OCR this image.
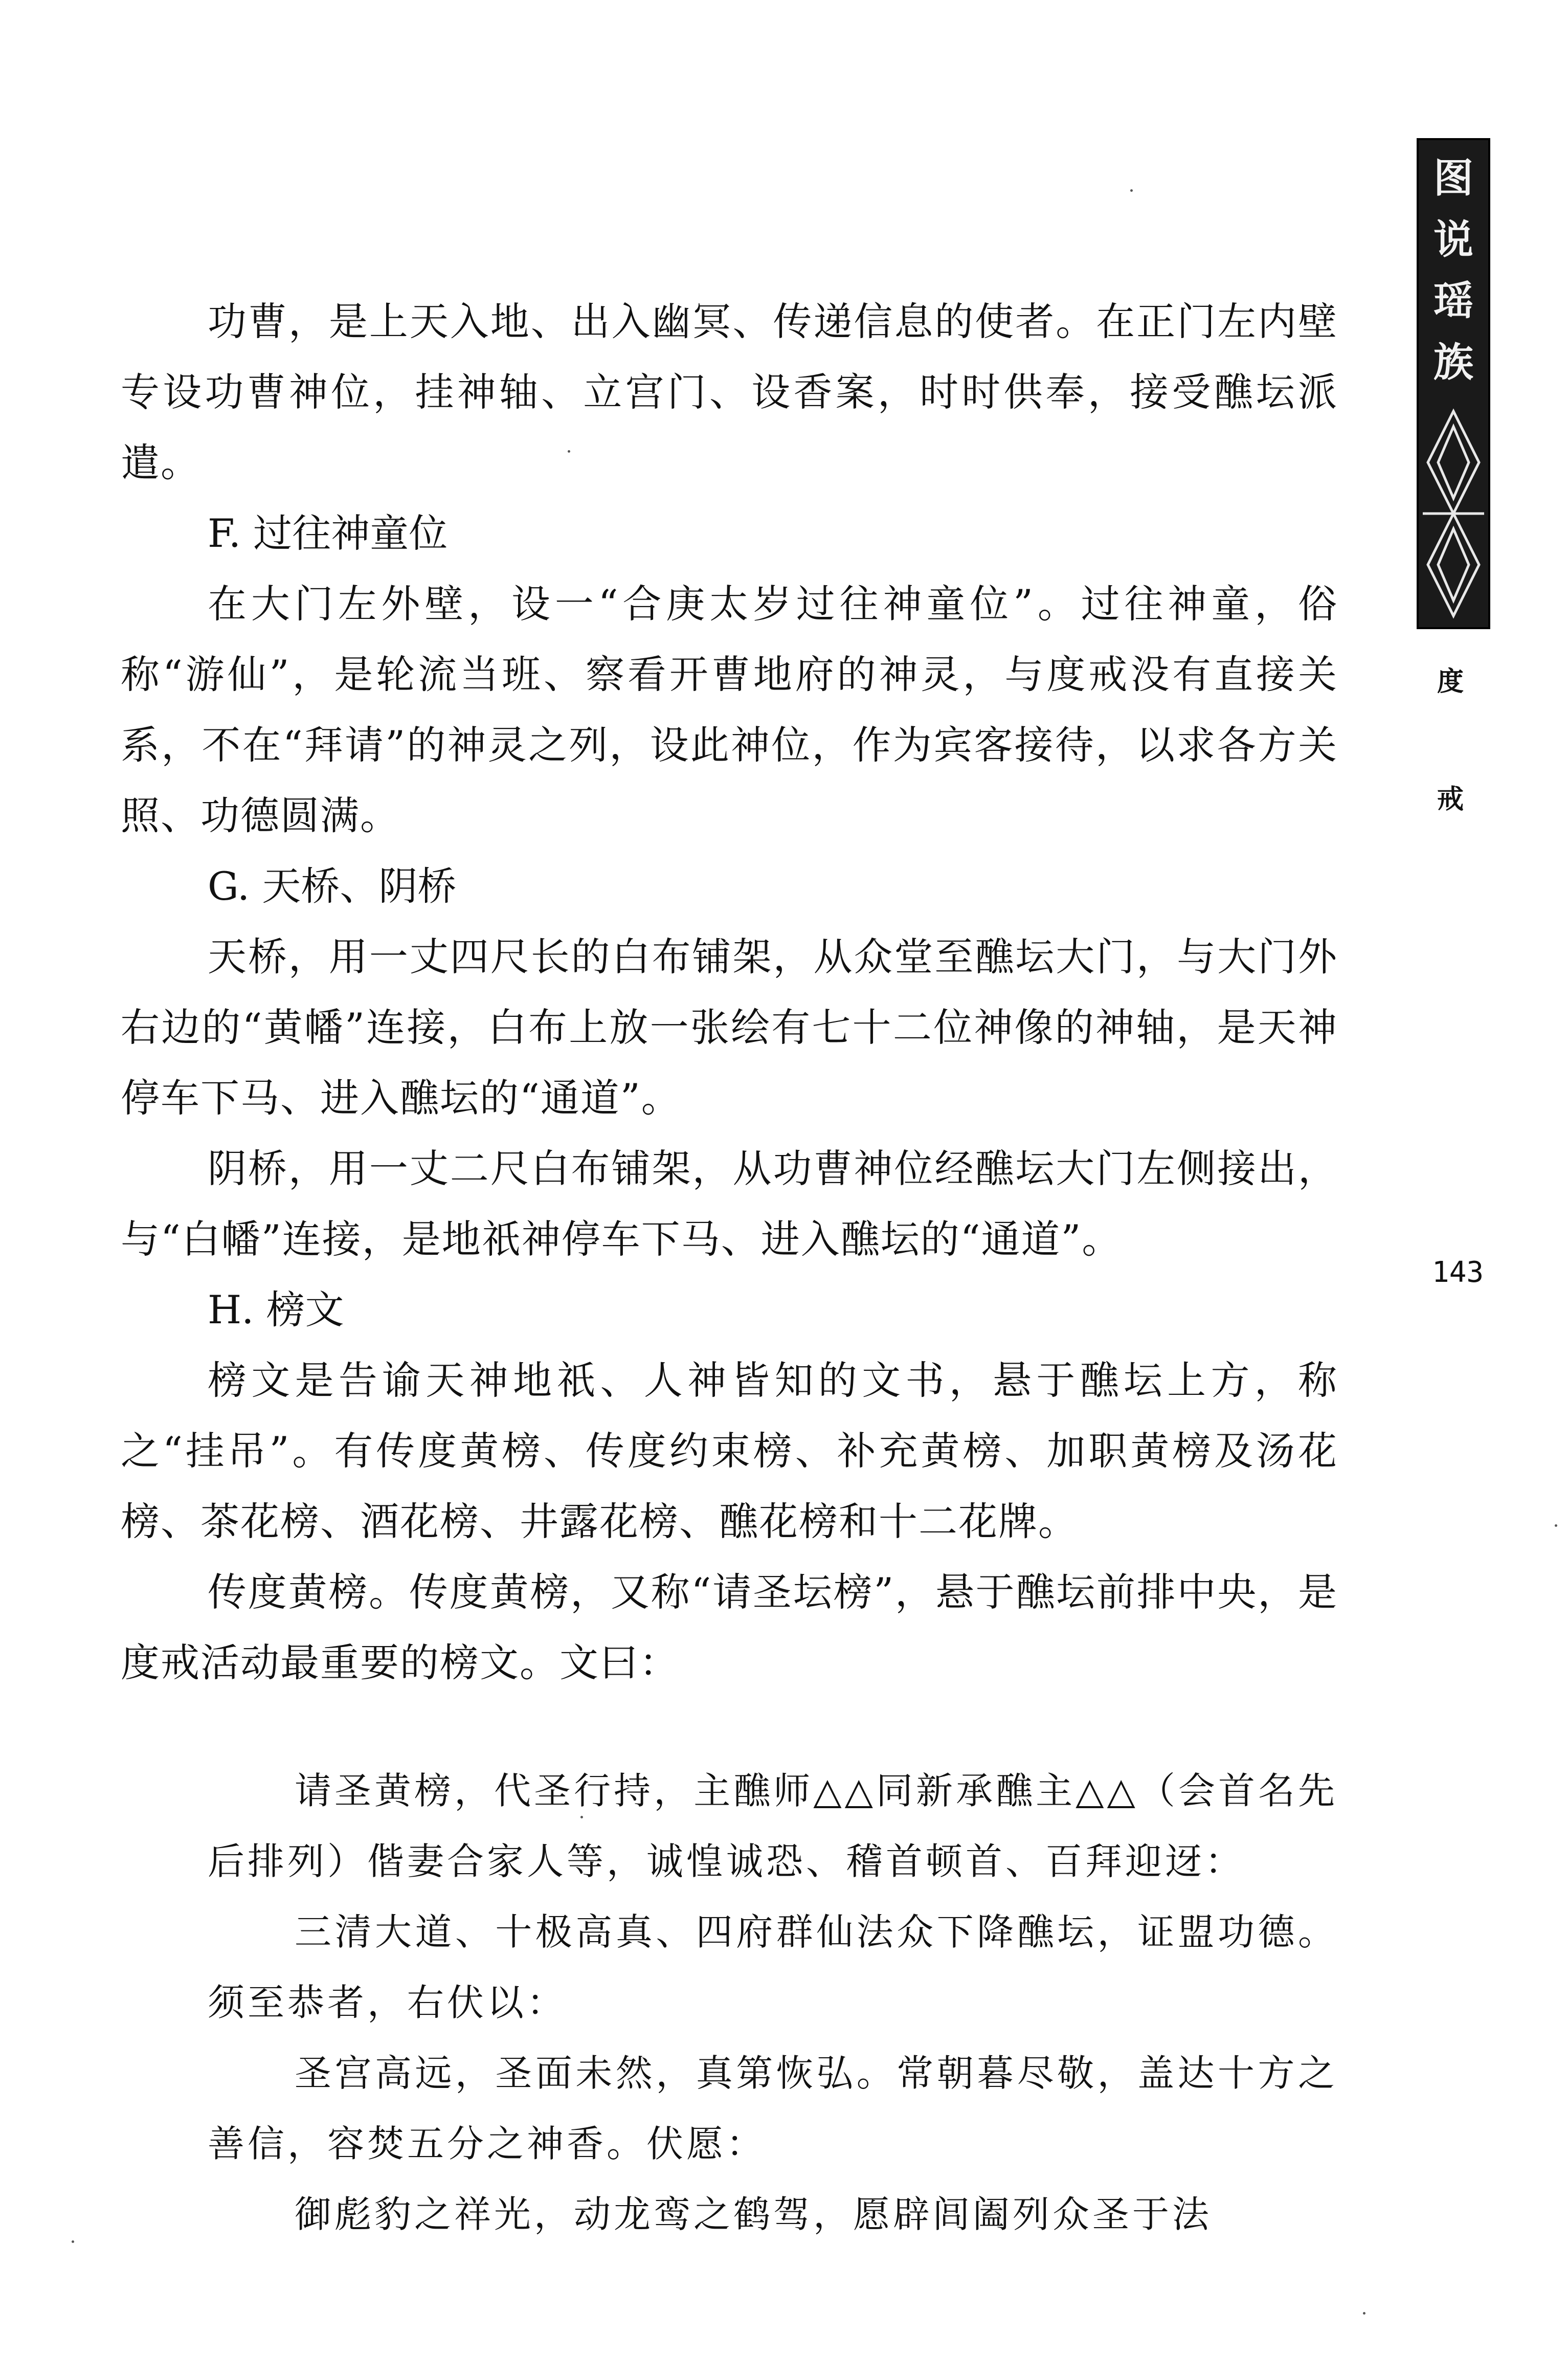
功曹，是上天入地、出入幽冥、传递信息的使者。在正门左内壁专设功曹神位，挂神轴、立宫门、设香案，时时供奉，接受醮坛派遣。

F. 过往神童位

在大门左外壁，设一“合庚太岁过往神童位”。过往神童，俗称“游仙”，是轮流当班、察看开曹地府的神灵，与度戒没有直接关系，不在“拜请”的神灵之列，设此神位，作为宾客接待，以求各方关照、功德圆满。

G. 天桥、阴桥

天桥，用一丈四尺长的白布铺架，从众堂至醮坛大门，与大门外右边的“黄幡”连接，白布上放一张绘有七十二位神像的神轴，是天神停车下马、进入醮坛的“通道”。

阴桥，用一丈二尺白布铺架，从功曹神位经醮坛大门左侧接出，与“白幡”连接，是地祇神停车下马、进入醮坛的“通道”。

H. 榜文

榜文是告谕天神地祇、人神皆知的文书，悬于醮坛上方，称之“挂吊”。有传度黄榜、传度约束榜、补充黄榜、加职黄榜及汤花榜、茶花榜、酒花榜、井露花榜、醮花榜和十二花牌。

传度黄榜。传度黄榜，又称“请圣坛榜”，悬于醮坛前排中央，是度戒活动最重要的榜文。文曰：

请圣黄榜，代圣行持，主醮师△△同新承醮主△△（会首名先后排列）偕妻合家人等，诚惶诚恐、稽首顿首、百拜迎迓：

三清大道、十极高真、四府群仙法众下降醮坛，证盟功德。须至恭者，右伏以：

圣宫高远，圣面未然，真第恢弘。常朝暮尽敬，盖达十方之善信，容焚五分之神香。伏愿：

御彪豹之祥光，动龙鸾之鹤驾，愿辟闾阖列众圣于法

图
说
瑶
族
度
戒
143
